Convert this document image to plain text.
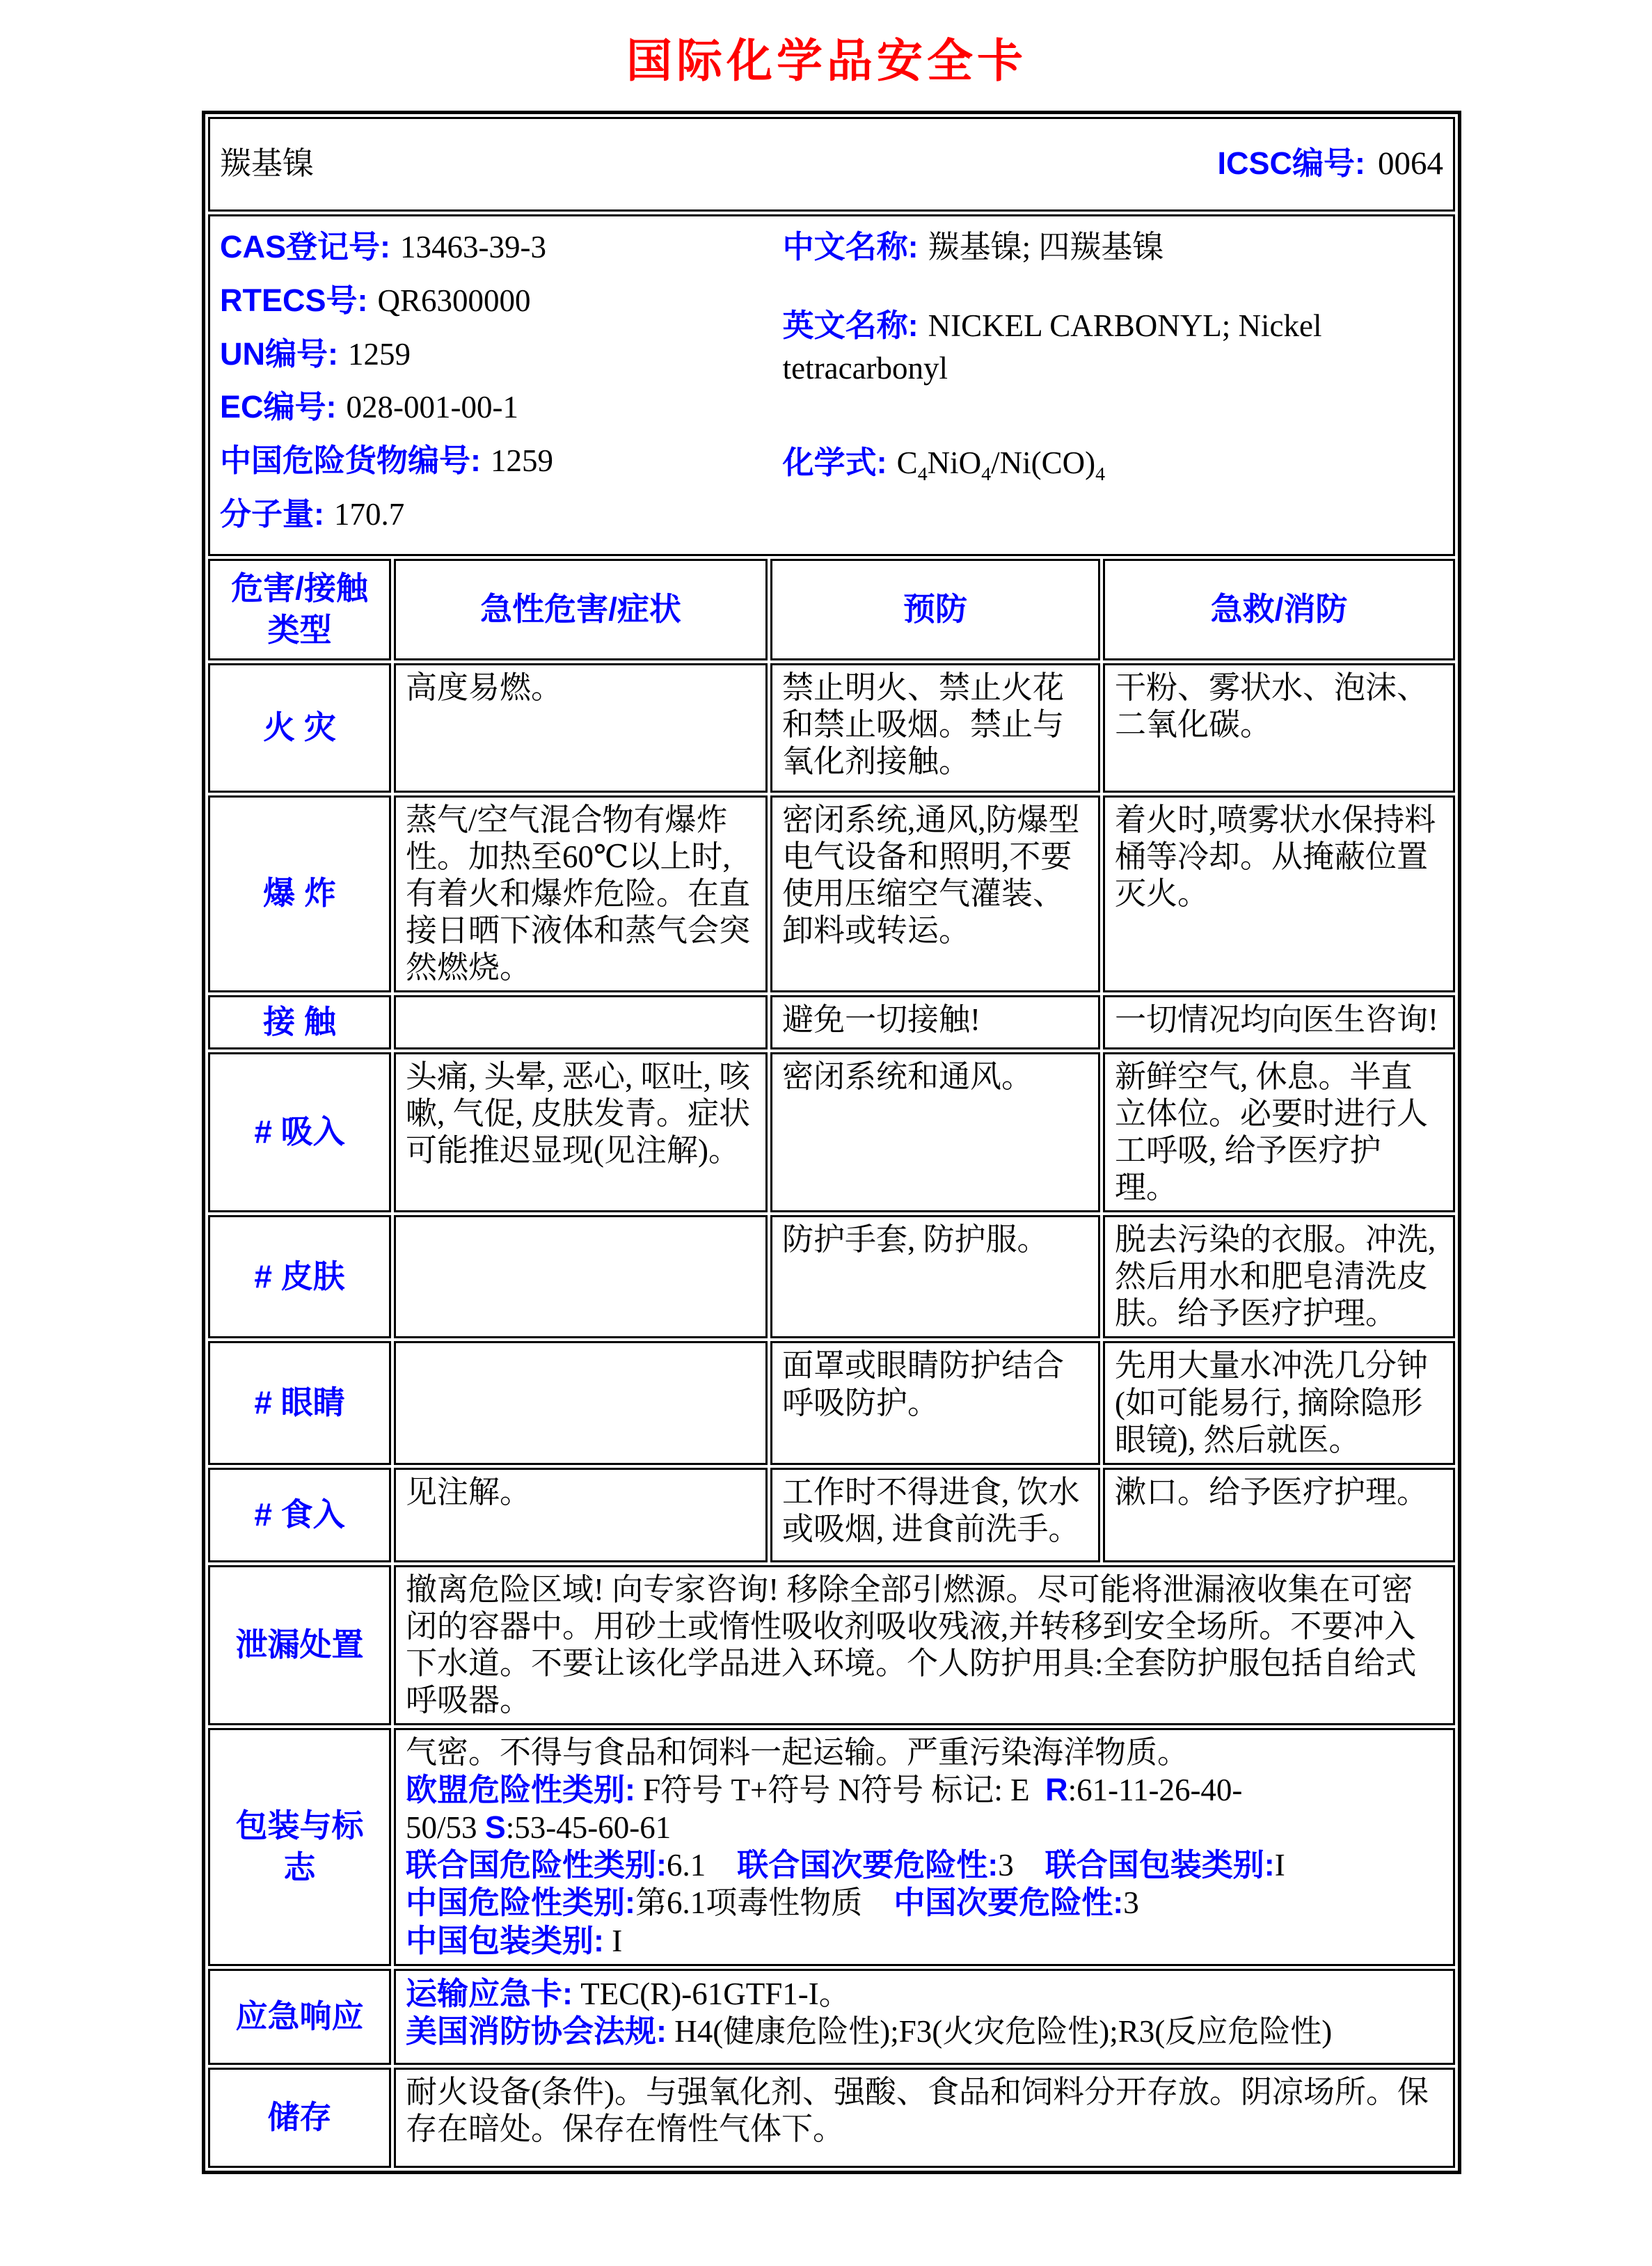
国际化学品安全卡
羰基镍 ICSC编号: 0064			

CAS登记号: 13463-39-3
RTECS号: QR6300000
UN编号: 1259
EC编号: 028-001-00-1
中国危险货物编号: 1259
分子量: 170.7
中文名称: 羰基镍; 四羰基镍
英文名称: NICKEL CARBONYL; Nickel tetracarbonyl
化学式: $C_4NiO_4/Ni(CO)_4$

危害/接触
类型	急性危害/症状	预防	急救/消防
火 灾	高度易燃。	禁止明火、禁止火花和禁止吸烟。禁止与氧化剂接触。	干粉、雾状水、泡沫、二氧化碳。
爆 炸	蒸气/空气混合物有爆炸性。加热至60℃以上时,有着火和爆炸危险。在直接日晒下液体和蒸气会突然燃烧。	密闭系统,通风,防爆型电气设备和照明,不要使用压缩空气灌装、卸料或转运。	着火时,喷雾状水保持料桶等冷却。从掩蔽位置灭火。
接 触		避免一切接触!	一切情况均向医生咨询!
# 吸入	头痛, 头晕, 恶心, 呕吐, 咳嗽, 气促, 皮肤发青。症状可能推迟显现(见注解)。	密闭系统和通风。	新鲜空气, 休息。半直立体位。必要时进行人工呼吸, 给予医疗护理。
# 皮肤		防护手套, 防护服。	脱去污染的衣服。冲洗, 然后用水和肥皂清洗皮肤。给予医疗护理。
# 眼睛		面罩或眼睛防护结合呼吸防护。	先用大量水冲洗几分钟(如可能易行, 摘除隐形眼镜), 然后就医。
# 食入	见注解。	工作时不得进食, 饮水或吸烟, 进食前洗手。	漱口。给予医疗护理。
泄漏处置	撤离危险区域! 向专家咨询! 移除全部引燃源。尽可能将泄漏液收集在可密闭的容器中。用砂土或惰性吸收剂吸收残液,并转移到安全场所。不要冲入下水道。不要让该化学品进入环境。个人防护用具:全套防护服包括自给式呼吸器。		

包装与标志	
气密。不得与食品和饲料一起运输。严重污染海洋物质。
欧盟危险性类别: F符号 T+符号 N符号 标记: E  R:61-11-26-40-
50/53 S:53-45-60-61
联合国危险性类别:6.1    联合国次要危险性:3    联合国包装类别:I
中国危险性类别:第6.1项毒性物质    中国次要危险性:3
中国包装类别: I

应急响应	运输应急卡: TEC(R)-61GTF1-I。
美国消防协会法规: H4(健康危险性);F3(火灾危险性);R3(反应危险性)		

储存	耐火设备(条件)。与强氧化剂、强酸、食品和饲料分开存放。阴凉场所。保存在暗处。保存在惰性气体下。		
